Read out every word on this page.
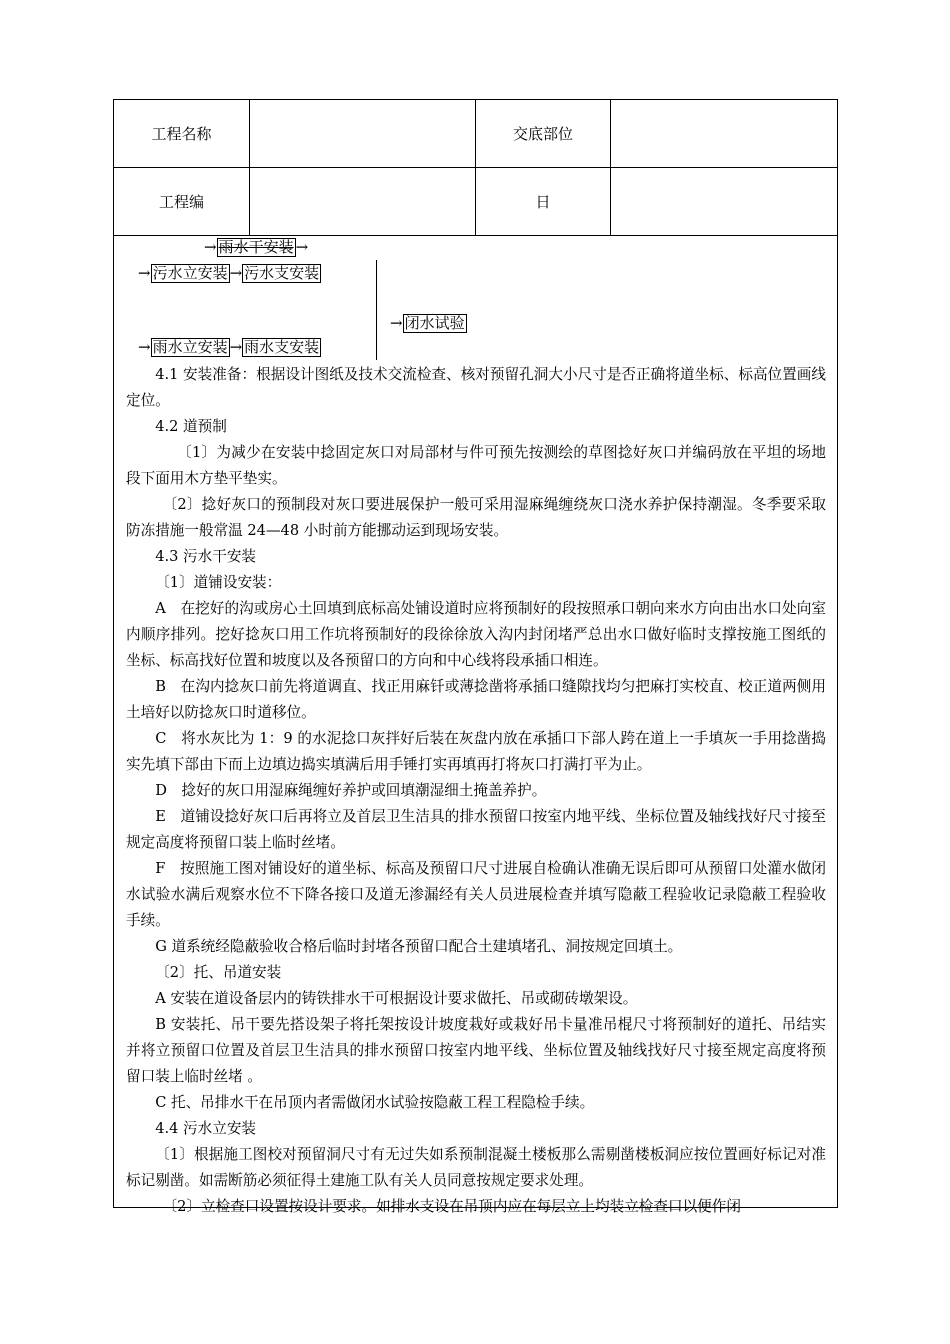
工程名称	交底部位
工程编	日
→ 雨水干安装 →
→ 污水立安装 → 污水支安装
→ 闭水试验
→ 雨水立安装 → 雨水支安装

4.1 安装准备：根据设计图纸及技术交流检查、核对预留孔洞大小尺寸是否正确将道坐标、标高位置画线定位。

4.2 道预制

〔1〕为减少在安装中捻固定灰口对局部材与件可预先按测绘的草图捻好灰口并编码放在平坦的场地段下面用木方垫平垫实。

〔2〕捻好灰口的预制段对灰口要进展保护一般可采用湿麻绳缠绕灰口浇水养护保持潮湿。冬季要采取防冻措施一般常温 24—48 小时前方能挪动运到现场安装。

4.3 污水干安装

〔1〕道铺设安装：

A　在挖好的沟或房心土回填到底标高处铺设道时应将预制好的段按照承口朝向来水方向由出水口处向室内顺序排列。挖好捻灰口用工作坑将预制好的段徐徐放入沟内封闭堵严总出水口做好临时支撑按施工图纸的坐标、标高找好位置和坡度以及各预留口的方向和中心线将段承插口相连。

B　在沟内捻灰口前先将道调直、找正用麻钎或薄捻凿将承插口缝隙找均匀把麻打实校直、校正道两侧用土培好以防捻灰口时道移位。

C　将水灰比为 1：9 的水泥捻口灰拌好后装在灰盘内放在承插口下部人跨在道上一手填灰一手用捻凿捣实先填下部由下而上边填边捣实填满后用手锤打实再填再打将灰口打满打平为止。

D　捻好的灰口用湿麻绳缠好养护或回填潮湿细土掩盖养护。

E　道铺设捻好灰口后再将立及首层卫生洁具的排水预留口按室内地平线、坐标位置及轴线找好尺寸接至规定高度将预留口装上临时丝堵。

F　按照施工图对铺设好的道坐标、标高及预留口尺寸进展自检确认准确无误后即可从预留口处灌水做闭水试验水满后观察水位不下降各接口及道无渗漏经有关人员进展检查并填写隐蔽工程验收记录隐蔽工程验收手续。

G 道系统经隐蔽验收合格后临时封堵各预留口配合土建填堵孔、洞按规定回填土。

〔2〕托、吊道安装

A 安装在道设备层内的铸铁排水干可根据设计要求做托、吊或砌砖墩架设。

B 安装托、吊干要先搭设架子将托架按设计坡度栽好或栽好吊卡量准吊棍尺寸将预制好的道托、吊结实并将立预留口位置及首层卫生洁具的排水预留口按室内地平线、坐标位置及轴线找好尺寸接至规定高度将预留口装上临时丝堵 。

C 托、吊排水干在吊顶内者需做闭水试验按隐蔽工程工程隐检手续。

4.4 污水立安装

〔1〕根据施工图校对预留洞尺寸有无过失如系预制混凝土楼板那么需剔凿楼板洞应按位置画好标记对准标记剔凿。如需断筋必须征得土建施工队有关人员同意按规定要求处理。

〔2〕立检查口设置按设计要求。如排水支设在吊顶内应在每层立上均装立检查口以便作闭
